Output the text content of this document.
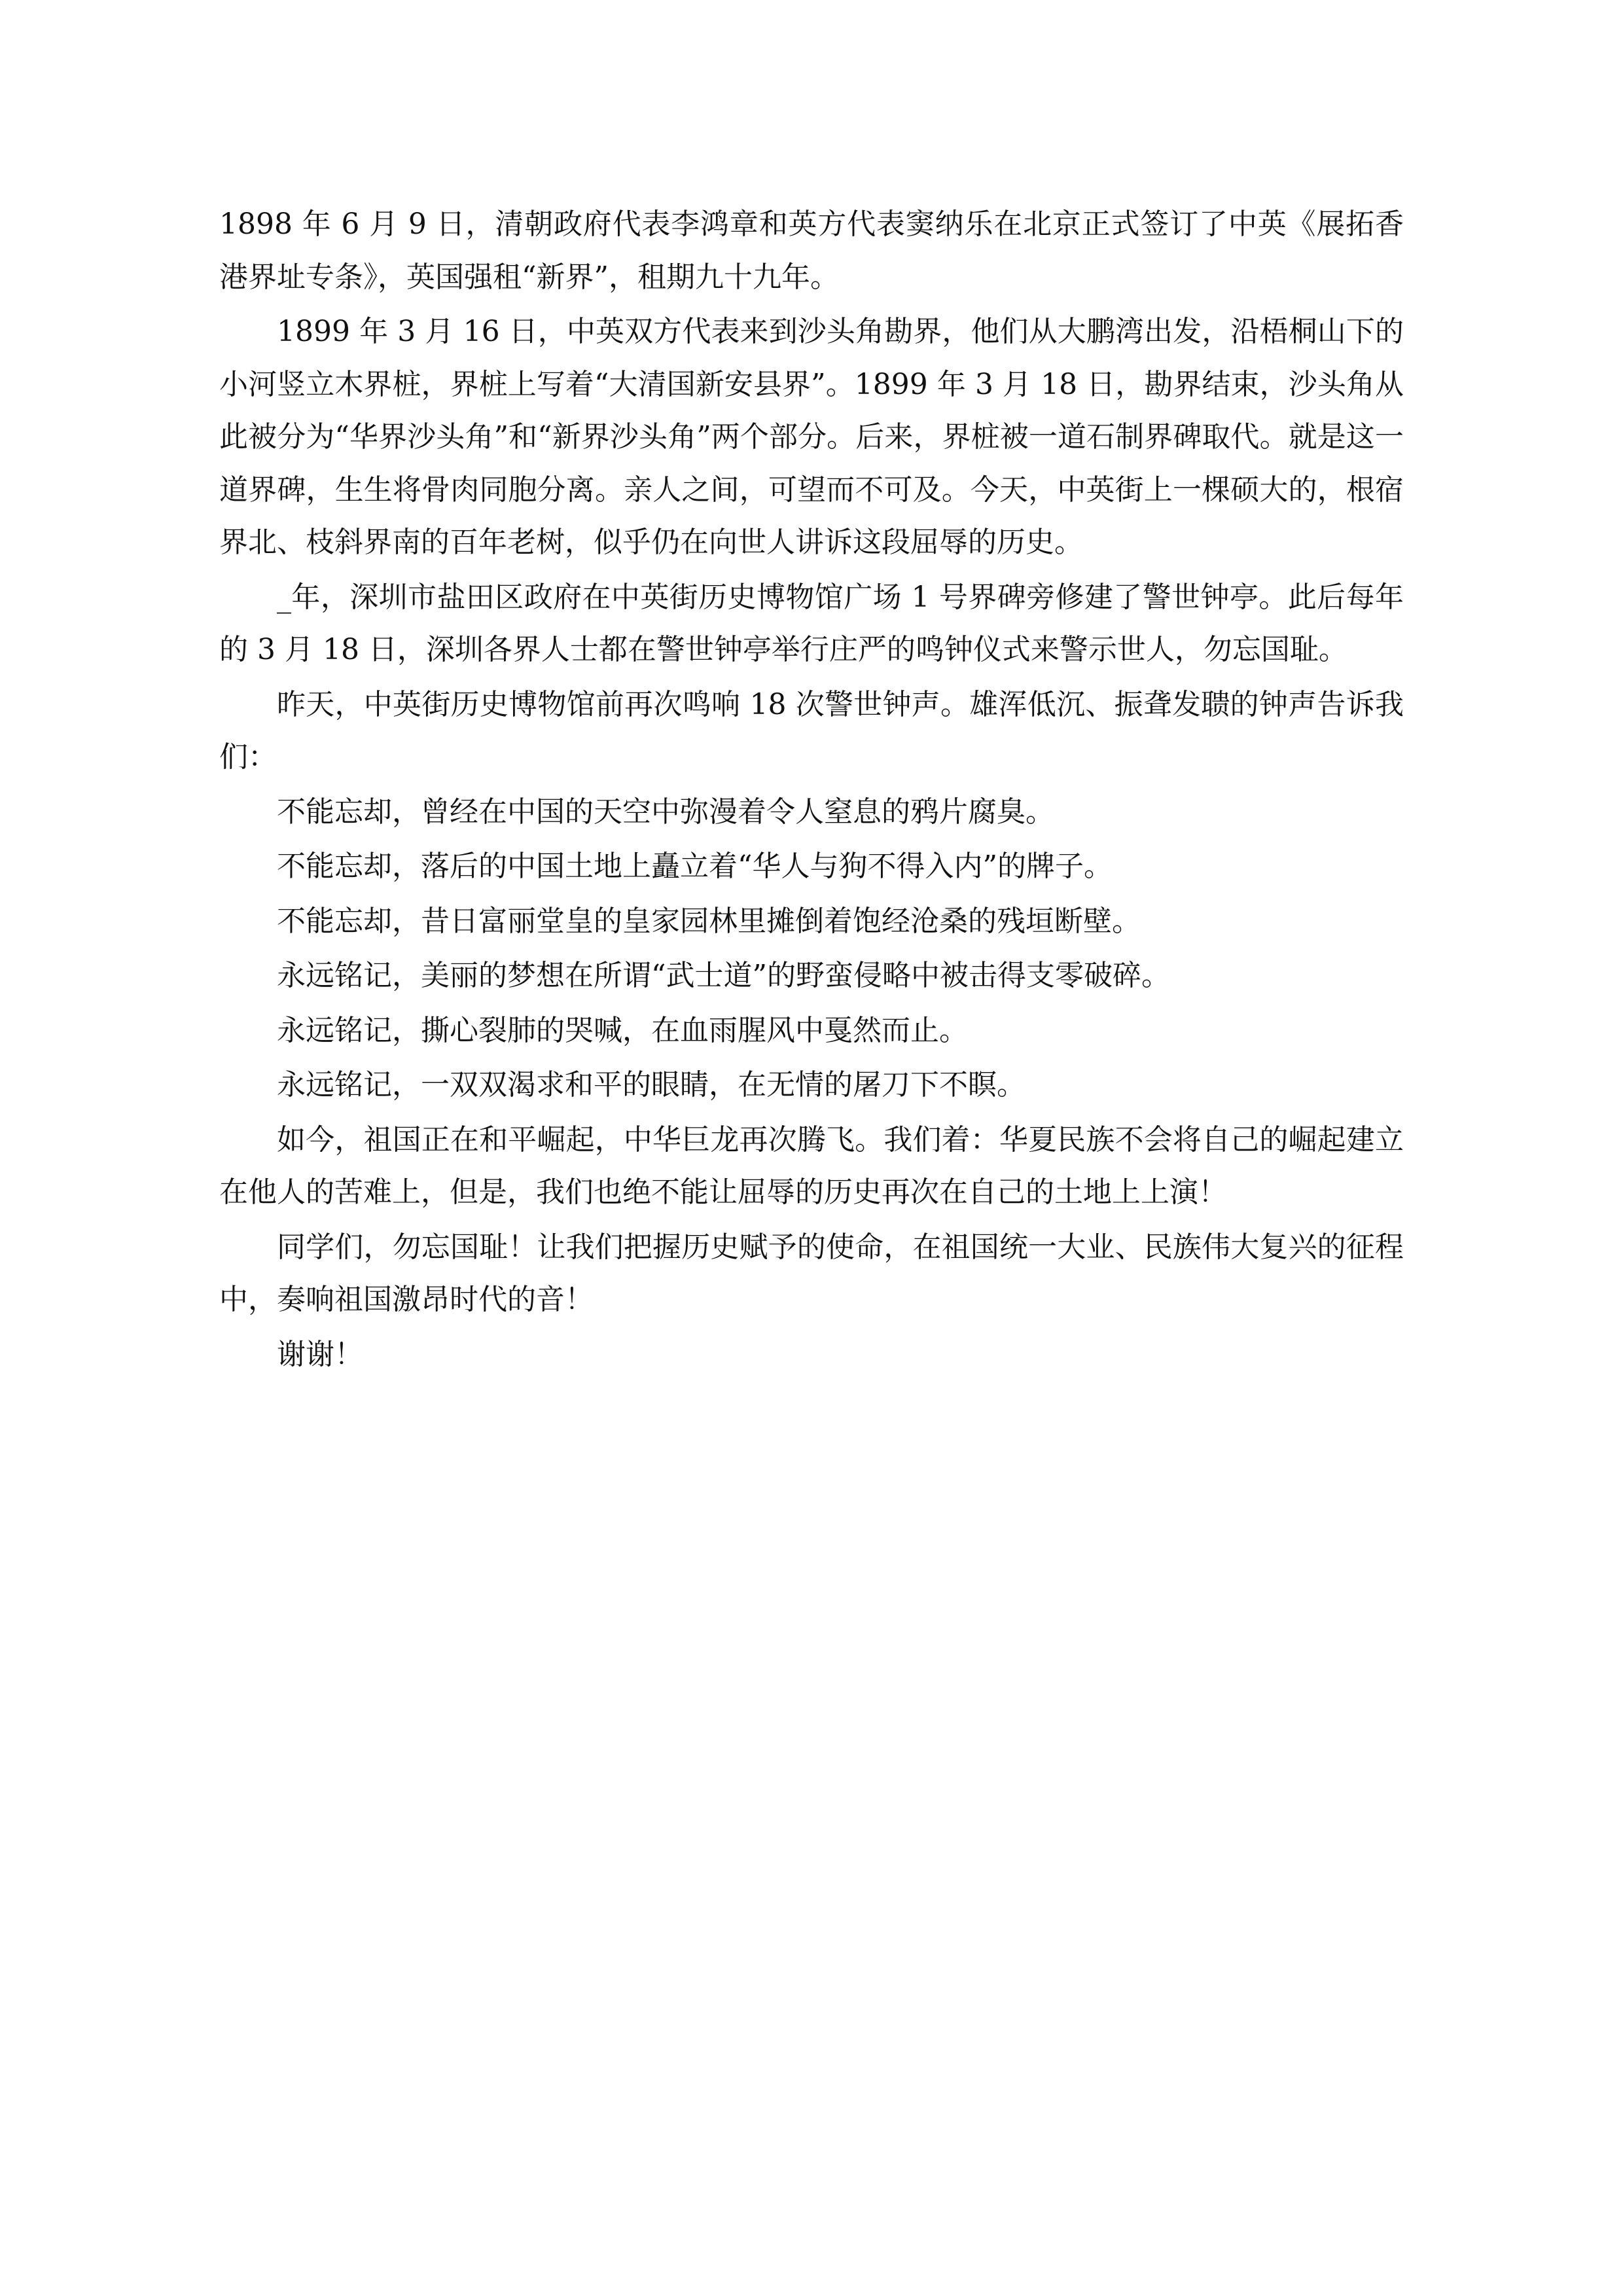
1898 年 6 月 9 日，清朝政府代表李鸿章和英方代表窦纳乐在北京正式签订了中英《展拓香港界址专条》，英国强租“新界”，租期九十九年。

1899 年 3 月 16 日，中英双方代表来到沙头角勘界，他们从大鹏湾出发，沿梧桐山下的小河竖立木界桩，界桩上写着“大清国新安县界”。1899 年 3 月 18 日，勘界结束，沙头角从此被分为“华界沙头角”和“新界沙头角”两个部分。后来，界桩被一道石制界碑取代。就是这一道界碑，生生将骨肉同胞分离。亲人之间，可望而不可及。今天，中英街上一棵硕大的，根宿界北、枝斜界南的百年老树，似乎仍在向世人讲诉这段屈辱的历史。

_年，深圳市盐田区政府在中英街历史博物馆广场 1 号界碑旁修建了警世钟亭。此后每年的 3 月 18 日，深圳各界人士都在警世钟亭举行庄严的鸣钟仪式来警示世人，勿忘国耻。

昨天，中英街历史博物馆前再次鸣响 18 次警世钟声。雄浑低沉、振聋发聩的钟声告诉我们：

不能忘却，曾经在中国的天空中弥漫着令人窒息的鸦片腐臭。

不能忘却，落后的中国土地上矗立着“华人与狗不得入内”的牌子。

不能忘却，昔日富丽堂皇的皇家园林里摊倒着饱经沧桑的残垣断壁。

永远铭记，美丽的梦想在所谓“武士道”的野蛮侵略中被击得支零破碎。

永远铭记，撕心裂肺的哭喊，在血雨腥风中戛然而止。

永远铭记，一双双渴求和平的眼睛，在无情的屠刀下不瞑。

如今，祖国正在和平崛起，中华巨龙再次腾飞。我们着：华夏民族不会将自己的崛起建立在他人的苦难上，但是，我们也绝不能让屈辱的历史再次在自己的土地上上演！

同学们，勿忘国耻！让我们把握历史赋予的使命，在祖国统一大业、民族伟大复兴的征程中，奏响祖国激昂时代的音！

谢谢！
